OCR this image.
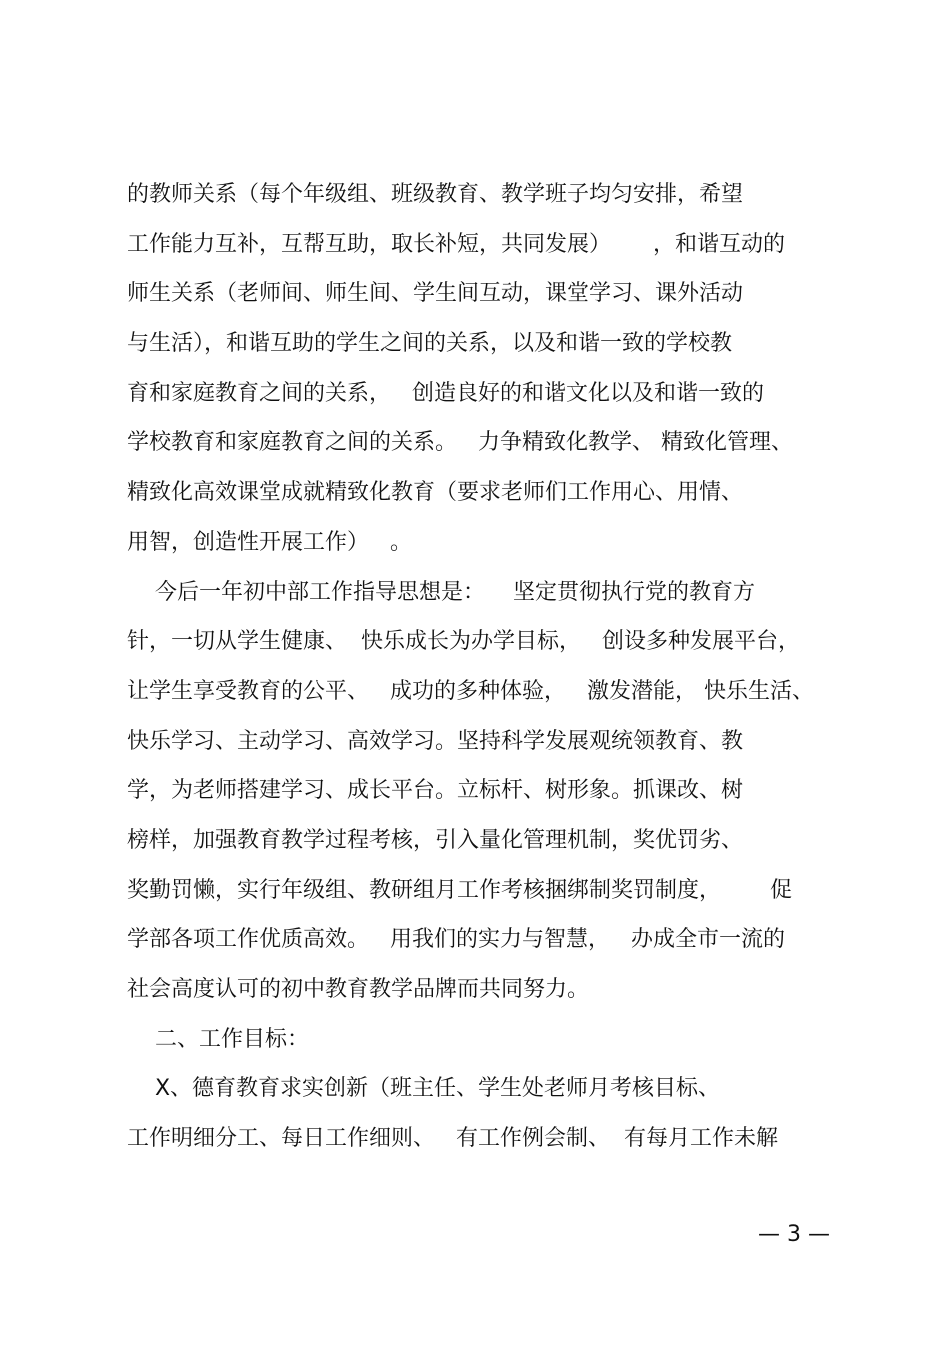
的教师关系（每个年级组、班级教育、教学班子均匀安排，希望
工作能力互补，互帮互助，取长补短，共同发展）      ，和谐互动的
师生关系（老师间、师生间、学生间互动，课堂学习、课外活动
与生活），和谐互助的学生之间的关系，以及和谐一致的学校教
育和家庭教育之间的关系，   创造良好的和谐文化以及和谐一致的
学校教育和家庭教育之间的关系。   力争精致化教学、 精致化管理、
精致化高效课堂成就精致化教育（要求老师们工作用心、用情、
用智，创造性开展工作）   。
今后一年初中部工作指导思想是：    坚定贯彻执行党的教育方
针，一切从学生健康、  快乐成长为办学目标，   创设多种发展平台，
让学生享受教育的公平、   成功的多种体验，   激发潜能， 快乐生活、
快乐学习、主动学习、高效学习。坚持科学发展观统领教育、教
学，为老师搭建学习、成长平台。立标杆、树形象。抓课改、树
榜样，加强教育教学过程考核，引入量化管理机制，奖优罚劣、
奖勤罚懒，实行年级组、教研组月工作考核捆绑制奖罚制度，       促
学部各项工作优质高效。   用我们的实力与智慧，   办成全市一流的
社会高度认可的初中教育教学品牌而共同努力。
二、工作目标：
X、德育教育求实创新（班主任、学生处老师月考核目标、
工作明细分工、每日工作细则、   有工作例会制、  有每月工作未解
— 3 —
